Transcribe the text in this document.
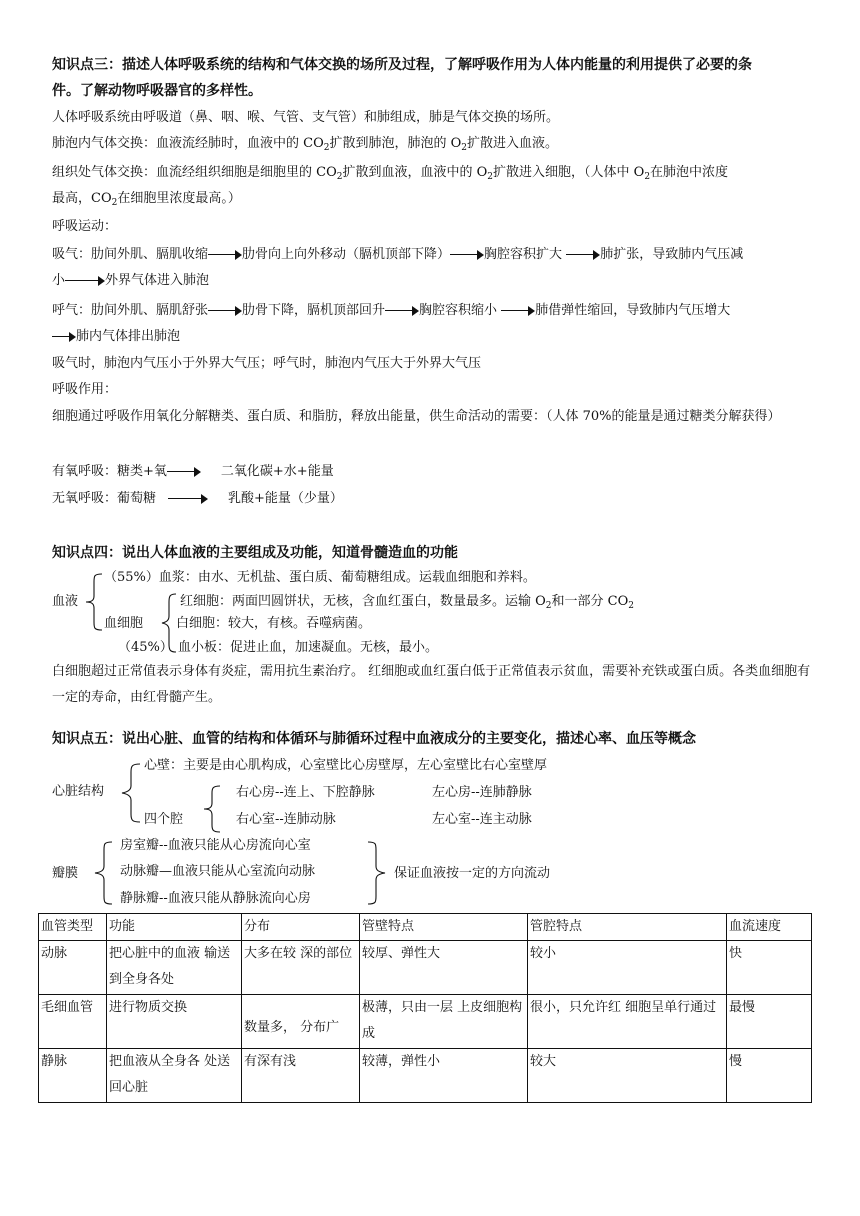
知识点三：描述人体呼吸系统的结构和气体交换的场所及过程，了解呼吸作用为人体内能量的利用提供了必要的条
件。了解动物呼吸器官的多样性。
人体呼吸系统由呼吸道（鼻、咽、喉、气管、支气管）和肺组成，肺是气体交换的场所。
肺泡内气体交换：血液流经肺时，血液中的 $CO_2$扩散到肺泡，肺泡的 $O_2$扩散进入血液。
组织处气体交换：血流经组织细胞是细胞里的 $CO_2$扩散到血液，血液中的 $O_2$扩散进入细胞，（人体中 $O_2$在肺泡中浓度
最高，$CO_2$在细胞里浓度最高。）
呼吸运动：
吸气：肋间外肌、膈肌收缩	肋骨向上向外移动（膈机顶部下降）	胸腔容积扩大	肺扩张，导致肺内气压减
小	外界气体进入肺泡
呼气：肋间外肌、膈肌舒张	肋骨下降，膈机顶部回升	胸腔容积缩小	肺借弹性缩回，导致肺内气压增大
肺内气体排出肺泡
吸气时，肺泡内气压小于外界大气压；呼气时，肺泡内气压大于外界大气压
呼吸作用：
细胞通过呼吸作用氧化分解糖类、蛋白质、和脂肪，释放出能量，供生命活动的需要：（人体 70%的能量是通过糖类分解获得）
有氧呼吸：糖类+氧	二氧化碳+水+能量
无氧呼吸：葡萄糖	乳酸+能量（少量）
知识点四：说出人体血液的主要组成及功能，知道骨髓造血的功能
血液
（55%）血浆：由水、无机盐、蛋白质、葡萄糖组成。运载血细胞和养料。
血细胞
（45%）
红细胞：两面凹圆饼状，无核，含血红蛋白，数量最多。运输 $O_2$和一部分 $CO_2$
白细胞：较大，有核。吞噬病菌。
血小板：促进止血，加速凝血。无核，最小。
白细胞超过正常值表示身体有炎症，需用抗生素治疗。 红细胞或血红蛋白低于正常值表示贫血，需要补充铁或蛋白质。各类血细胞有一定的寿命，由红骨髓产生。
知识点五：说出心脏、血管的结构和体循环与肺循环过程中血液成分的主要变化，描述心率、血压等概念
心脏结构
心壁：主要是由心肌构成，心室壁比心房壁厚，左心室壁比右心室壁厚
四个腔
右心房--连上、下腔静脉	左心房--连肺静脉
右心室--连肺动脉	左心室--连主动脉
瓣膜
房室瓣--血液只能从心房流向心室
动脉瓣—血液只能从心室流向动脉
静脉瓣--血液只能从静脉流向心房
保证血液按一定的方向流动
血管类型	功能	分布	管壁特点	管腔特点	血流速度
动脉	把心脏中的血液 输送到全身各处	大多在较 深的部位	较厚、弹性大	较小	快
毛细血管	进行物质交换	数量多， 分布广	极薄，只由一层 上皮细胞构成	很小，只允许红 细胞呈单行通过	最慢
静脉	把血液从全身各 处送回心脏	有深有浅	较薄，弹性小	较大	慢
